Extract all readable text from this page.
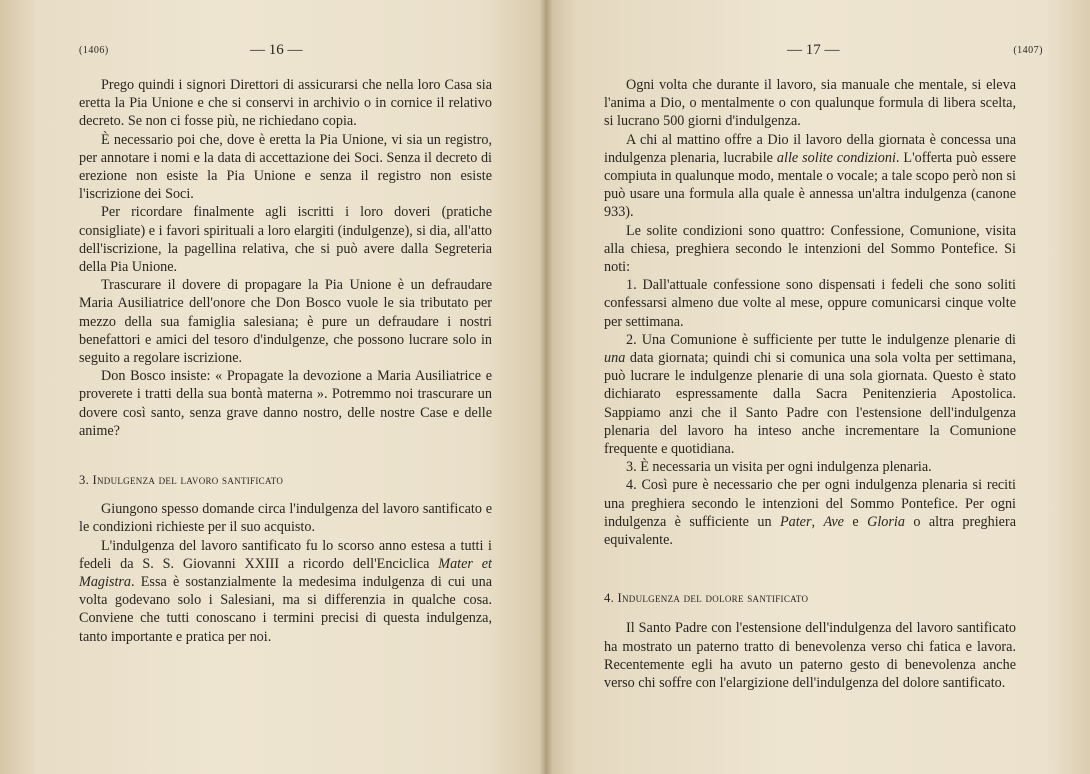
(1406)	— 16 —

Prego quindi i signori Direttori di assicurarsi che nella loro Casa sia eretta la Pia Unione e che si conservi in archivio o in cornice il relativo decreto. Se non ci fosse più, ne richiedano copia.

È necessario poi che, dove è eretta la Pia Unione, vi sia un registro, per annotare i nomi e la data di accettazione dei Soci. Senza il decreto di erezione non esiste la Pia Unione e senza il registro non esiste l'iscrizione dei Soci.

Per ricordare finalmente agli iscritti i loro doveri (pratiche consigliate) e i favori spirituali a loro elargiti (indulgenze), si dia, all'atto dell'iscrizione, la pagellina relativa, che si può avere dalla Segreteria della Pia Unione.

Trascurare il dovere di propagare la Pia Unione è un defraudare Maria Ausiliatrice dell'onore che Don Bosco vuole le sia tributato per mezzo della sua famiglia salesiana; è pure un defraudare i nostri benefattori e amici del tesoro d'indulgenze, che possono lucrare solo in seguito a regolare iscrizione.

Don Bosco insiste: « Propagate la devozione a Maria Ausiliatrice e proverete i tratti della sua bontà materna ». Potremmo noi trascurare un dovere così santo, senza grave danno nostro, delle nostre Case e delle anime?

3. Indulgenza del lavoro santificato

Giungono spesso domande circa l'indulgenza del lavoro santificato e le condizioni richieste per il suo acquisto.

L'indulgenza del lavoro santificato fu lo scorso anno estesa a tutti i fedeli da S. S. Giovanni XXIII a ricordo dell'Enciclica Mater et Magistra. Essa è sostanzialmente la medesima indulgenza di cui una volta godevano solo i Salesiani, ma si differenzia in qualche cosa. Conviene che tutti conoscano i termini precisi di questa indulgenza, tanto importante e pratica per noi.

— 17 —	(1407)

Ogni volta che durante il lavoro, sia manuale che mentale, si eleva l'anima a Dio, o mentalmente o con qualunque formula di libera scelta, si lucrano 500 giorni d'indulgenza.

A chi al mattino offre a Dio il lavoro della giornata è concessa una indulgenza plenaria, lucrabile alle solite condizioni. L'offerta può essere compiuta in qualunque modo, mentale o vocale; a tale scopo però non si può usare una formula alla quale è annessa un'altra indulgenza (canone 933).

Le solite condizioni sono quattro: Confessione, Comunione, visita alla chiesa, preghiera secondo le intenzioni del Sommo Pontefice. Si noti:

1. Dall'attuale confessione sono dispensati i fedeli che sono soliti confessarsi almeno due volte al mese, oppure comunicarsi cinque volte per settimana.

2. Una Comunione è sufficiente per tutte le indulgenze plenarie di una data giornata; quindi chi si comunica una sola volta per settimana, può lucrare le indulgenze plenarie di una sola giornata. Questo è stato dichiarato espressamente dalla Sacra Penitenzieria Apostolica. Sappiamo anzi che il Santo Padre con l'estensione dell'indulgenza plenaria del lavoro ha inteso anche incrementare la Comunione frequente e quotidiana.

3. È necessaria un visita per ogni indulgenza plenaria.

4. Così pure è necessario che per ogni indulgenza plenaria si reciti una preghiera secondo le intenzioni del Sommo Pontefice. Per ogni indulgenza è sufficiente un Pater, Ave e Gloria o altra preghiera equivalente.

4. Indulgenza del dolore santificato

Il Santo Padre con l'estensione dell'indulgenza del lavoro santificato ha mostrato un paterno tratto di benevolenza verso chi fatica e lavora. Recentemente egli ha avuto un paterno gesto di benevolenza anche verso chi soffre con l'elargizione dell'indulgenza del dolore santificato.
